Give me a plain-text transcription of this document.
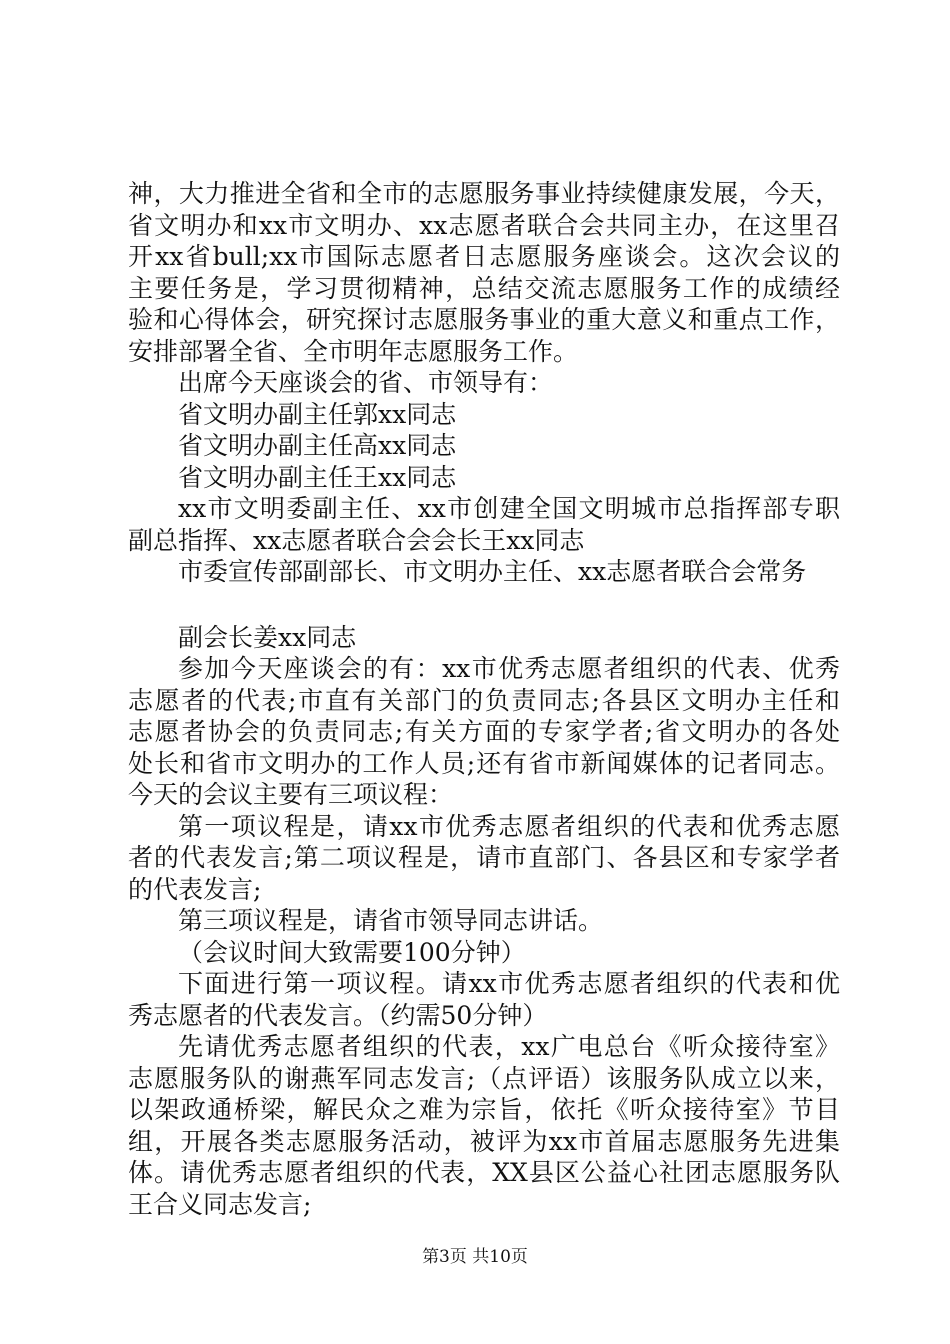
神，大力推进全省和全市的志愿服务事业持续健康发展，今天，
省文明办和xx市文明办、xx志愿者联合会共同主办，在这里召
开xx省bull;xx市国际志愿者日志愿服务座谈会。这次会议的
主要任务是，学习贯彻精神，总结交流志愿服务工作的成绩经
验和心得体会，研究探讨志愿服务事业的重大意义和重点工作，
安排部署全省、全市明年志愿服务工作。
出席今天座谈会的省、市领导有：
省文明办副主任郭xx同志
省文明办副主任高xx同志
省文明办副主任王xx同志
xx市文明委副主任、xx市创建全国文明城市总指挥部专职
副总指挥、xx志愿者联合会会长王xx同志
市委宣传部副部长、市文明办主任、xx志愿者联合会常务
副会长姜xx同志
参加今天座谈会的有：xx市优秀志愿者组织的代表、优秀
志愿者的代表;市直有关部门的负责同志;各县区文明办主任和
志愿者协会的负责同志;有关方面的专家学者;省文明办的各处
处长和省市文明办的工作人员;还有省市新闻媒体的记者同志。
今天的会议主要有三项议程：
第一项议程是，请xx市优秀志愿者组织的代表和优秀志愿
者的代表发言;第二项议程是，请市直部门、各县区和专家学者
的代表发言;
第三项议程是，请省市领导同志讲话。
（会议时间大致需要100分钟）
下面进行第一项议程。请xx市优秀志愿者组织的代表和优
秀志愿者的代表发言。（约需50分钟）
先请优秀志愿者组织的代表，xx广电总台《听众接待室》
志愿服务队的谢燕军同志发言;（点评语）该服务队成立以来，
以架政通桥梁，解民众之难为宗旨，依托《听众接待室》节目
组，开展各类志愿服务活动，被评为xx市首届志愿服务先进集
体。请优秀志愿者组织的代表，XX县区公益心社团志愿服务队
王合义同志发言;
第3页 共10页
